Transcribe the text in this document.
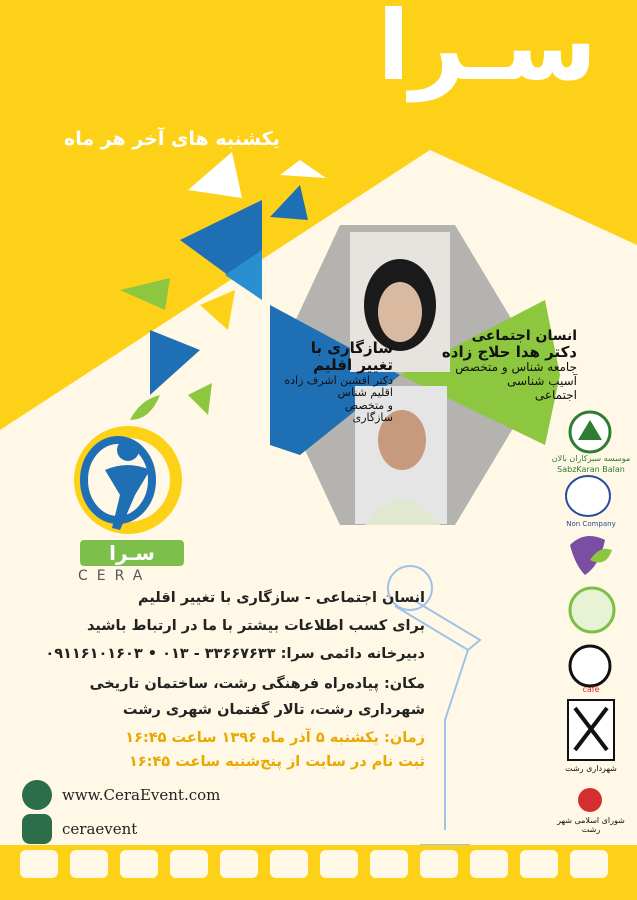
سـرا
یکشنبه های آخر هر ماه
انسان اجتماعی
دکتر هدا حلاج زاده
جامعه شناس و متخصص
آسیب شناسی
اجتماعی
سازگاری با
تغییر اقلیم
دکتر افشین اشرف زاده
اقلیم شناس
و متخصص
سازگاری
سـرا
CERA
انسان اجتماعی - سازگاری با تغییر اقلیم
برای کسب اطلاعات بیشتر با ما در ارتباط باشید
دبیرخانه دائمی سرا: ۳۳۶۶۷۶۳۳ - ۰۱۳ • ۰۹۱۱۶۱۰۱۶۰۳
مکان: پیاده‌راه فرهنگی رشت، ساختمان تاریخی
شهرداری رشت، تالار گفتمان شهری رشت
زمان: یکشنبه ۵ آذر ماه ۱۳۹۶ ساعت ۱۶:۴۵
ثبت نام در سایت از پنج‌شنبه ساعت ۱۶:۴۵
www.CeraEvent.com
ceraevent
موسسه سبزکاران بالان
SabzKaran Balan
Non Company
cafe
شهرداری رشت
شورای اسلامی شهر رشت
